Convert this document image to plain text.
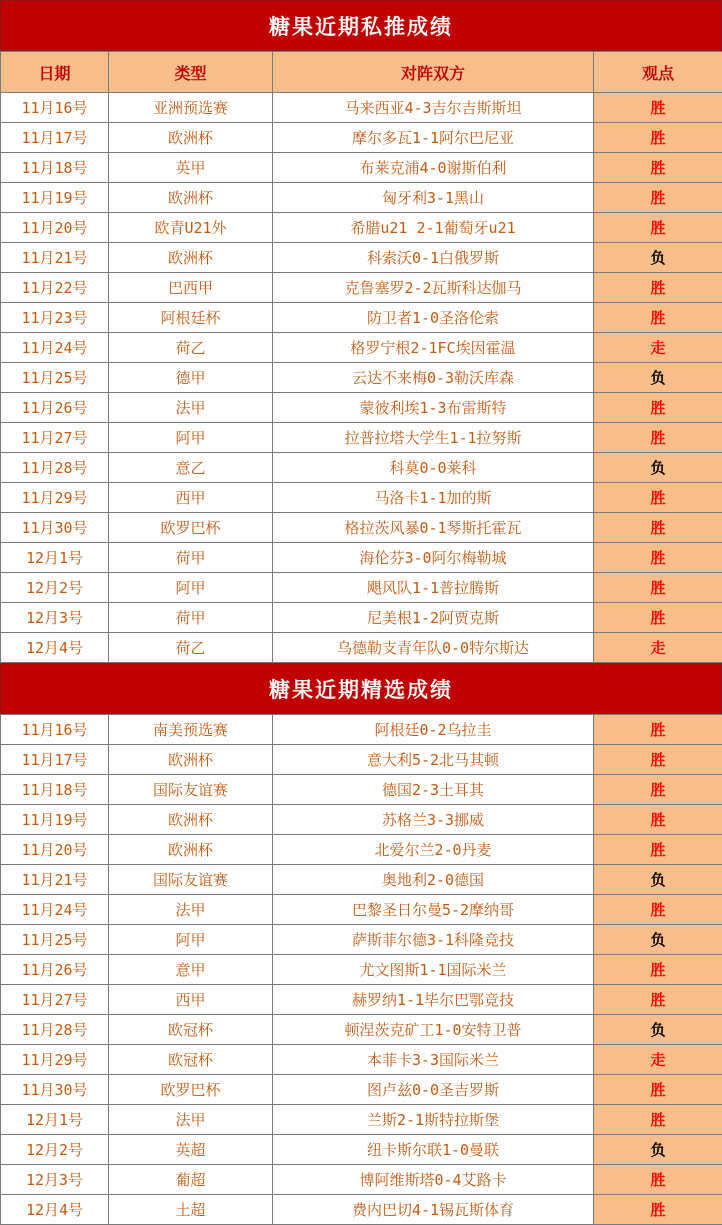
糖果近期私推成绩
日期	类型	对阵双方	观点
11月16号	亚洲预选赛	马来西亚4-3吉尔吉斯斯坦	胜
11月17号	欧洲杯	摩尔多瓦1-1阿尔巴尼亚	胜
11月18号	英甲	布莱克浦4-0谢斯伯利	胜
11月19号	欧洲杯	匈牙利3-1黑山	胜
11月20号	欧青U21外	希腊u21 2-1葡萄牙u21	胜
11月21号	欧洲杯	科索沃0-1白俄罗斯	负
11月22号	巴西甲	克鲁塞罗2-2瓦斯科达伽马	胜
11月23号	阿根廷杯	防卫者1-0圣洛伦索	胜
11月24号	荷乙	格罗宁根2-1FC埃因霍温	走
11月25号	德甲	云达不来梅0-3勒沃库森	负
11月26号	法甲	蒙彼利埃1-3布雷斯特	胜
11月27号	阿甲	拉普拉塔大学生1-1拉努斯	胜
11月28号	意乙	科莫0-0莱科	负
11月29号	西甲	马洛卡1-1加的斯	胜
11月30号	欧罗巴杯	格拉茨风暴0-1琴斯托霍瓦	胜
12月1号	荷甲	海伦芬3-0阿尔梅勒城	胜
12月2号	阿甲	飓风队1-1普拉腾斯	胜
12月3号	荷甲	尼美根1-2阿贾克斯	胜
12月4号	荷乙	乌德勒支青年队0-0特尔斯达	走
糖果近期精选成绩
11月16号	南美预选赛	阿根廷0-2乌拉圭	胜
11月17号	欧洲杯	意大利5-2北马其顿	胜
11月18号	国际友谊赛	德国2-3土耳其	胜
11月19号	欧洲杯	苏格兰3-3挪威	胜
11月20号	欧洲杯	北爱尔兰2-0丹麦	胜
11月21号	国际友谊赛	奥地利2-0德国	负
11月24号	法甲	巴黎圣日尔曼5-2摩纳哥	胜
11月25号	阿甲	萨斯菲尔德3-1科隆竞技	负
11月26号	意甲	尤文图斯1-1国际米兰	胜
11月27号	西甲	赫罗纳1-1毕尔巴鄂竞技	胜
11月28号	欧冠杯	顿涅茨克矿工1-0安特卫普	负
11月29号	欧冠杯	本菲卡3-3国际米兰	走
11月30号	欧罗巴杯	图卢兹0-0圣吉罗斯	胜
12月1号	法甲	兰斯2-1斯特拉斯堡	胜
12月2号	英超	纽卡斯尔联1-0曼联	负
12月3号	葡超	博阿维斯塔0-4艾路卡	胜
12月4号	土超	费内巴切4-1锡瓦斯体育	胜
